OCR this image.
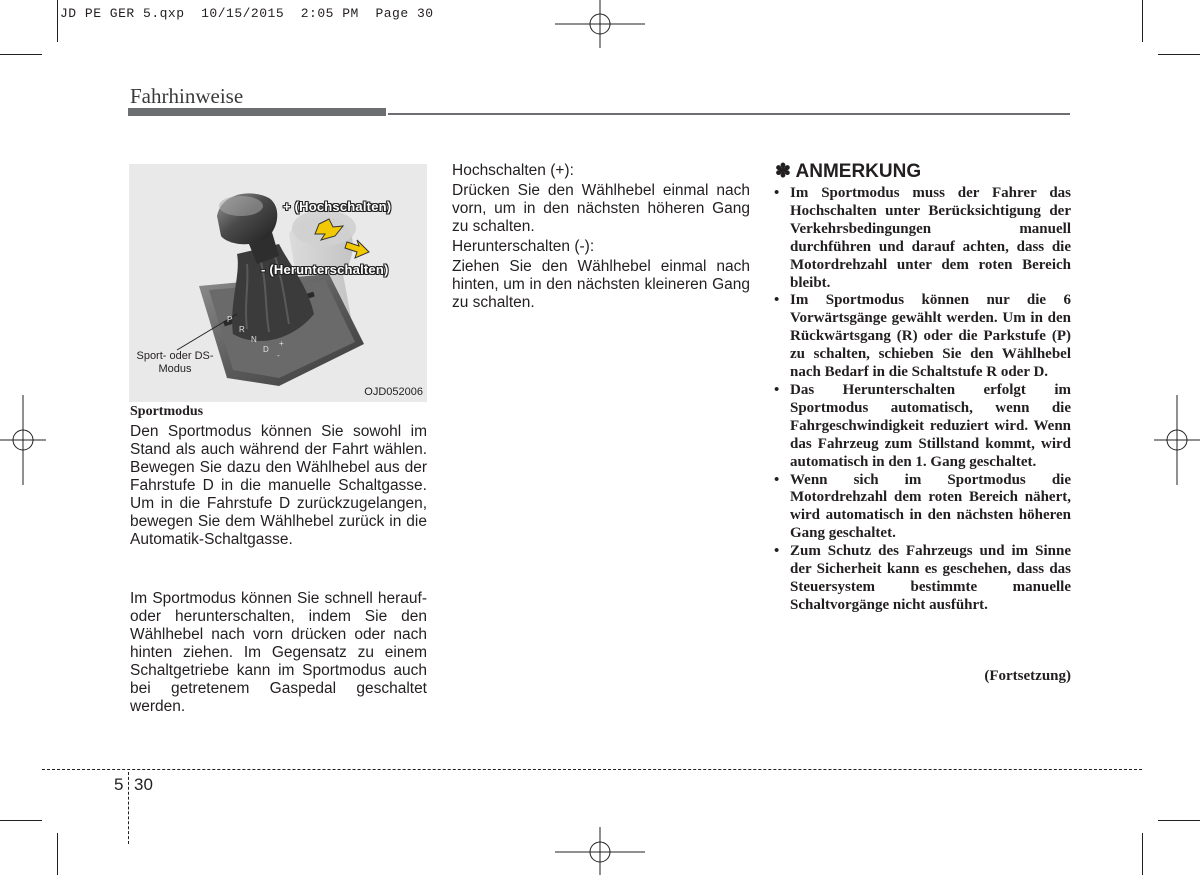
JD PE GER 5.qxp  10/15/2015  2:05 PM  Page 30
Fahrhinweise
P
R
N
D
+
-
+ (Hochschalten)
- (Herunterschalten)
Sport- oder DS-Modus
OJD052006
Sportmodus
Den Sportmodus können Sie sowohl im Stand als auch während der Fahrt wählen. Bewegen Sie dazu den Wählhebel aus der Fahrstufe D in die manuelle Schaltgasse. Um in die Fahrstufe D zurückzugelangen, bewegen Sie dem Wählhebel zurück in die Automatik-Schaltgasse.
Im Sportmodus können Sie schnell herauf- oder herunterschalten, indem Sie den Wählhebel nach vorn drücken oder nach hinten ziehen. Im Gegensatz zu einem Schaltgetriebe kann im Sportmodus auch bei getretenem Gaspedal geschaltet werden.
Hochschalten (+):
Drücken Sie den Wählhebel einmal nach vorn, um in den nächsten höheren Gang zu schalten.
Herunterschalten (-):
Ziehen Sie den Wählhebel einmal nach hinten, um in den nächsten kleineren Gang zu schalten.
✽ ANMERKUNG
• Im Sportmodus muss der Fahrer das Hochschalten unter Berücksichtigung der Verkehrsbedingungen manuell durchführen und darauf achten, dass die Motordrehzahl unter dem roten Bereich bleibt.
• Im Sportmodus können nur die 6 Vorwärtsgänge gewählt werden. Um in den Rückwärtsgang (R) oder die Parkstufe (P) zu schalten, schieben Sie den Wählhebel nach Bedarf in die Schaltstufe R oder D.
• Das Herunterschalten erfolgt im Sportmodus automatisch, wenn die Fahrgeschwindigkeit reduziert wird. Wenn das Fahrzeug zum Stillstand kommt, wird automatisch in den 1. Gang geschaltet.
• Wenn sich im Sportmodus die Motordrehzahl dem roten Bereich nähert, wird automatisch in den nächsten höheren Gang geschaltet.
• Zum Schutz des Fahrzeugs und im Sinne der Sicherheit kann es geschehen, dass das Steuersystem bestimmte manuelle Schaltvorgänge nicht ausführt.
(Fortsetzung)
5 30
